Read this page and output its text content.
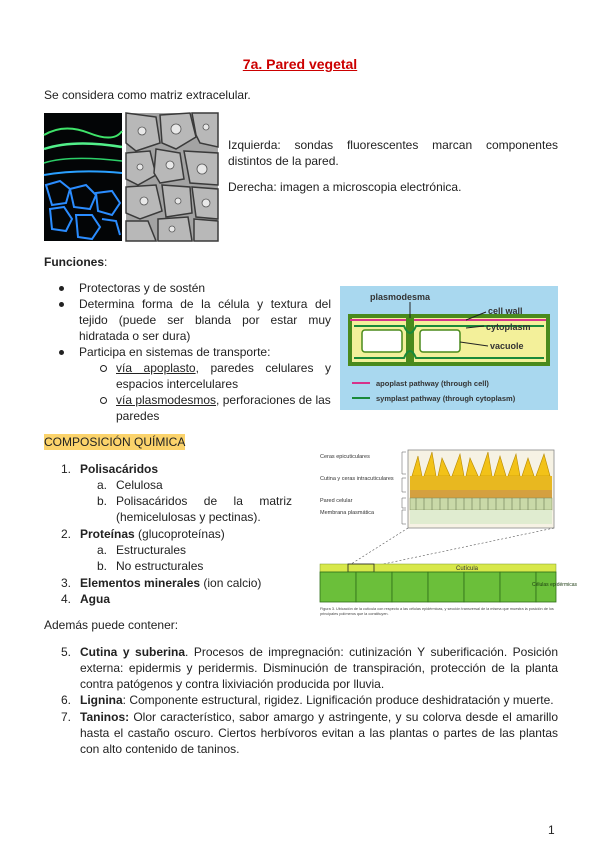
7a. Pared vegetal
Se considera como matriz extracelular.
Izquierda: sondas fluorescentes marcan componentes distintos de la pared.
Derecha: imagen a microscopia electrónica.
Funciones:
Protectoras y de sostén
Determina forma de la célula y textura del tejido (puede ser blanda por estar muy hidratada o ser dura)
Participa en sistemas de transporte:
vía apoplasto, paredes celulares y espacios intercelulares
vía plasmodesmos, perforaciones de las paredes
plasmodesma
cell wall
cytoplasm
vacuole
apoplast pathway (through cell)
symplast pathway (through cytoplasm)
COMPOSICIÓN QUÍMICA
1. Polisacáridos
a. Celulosa
b. Polisacáridos de la matriz (hemicelulosas y pectinas).
2. Proteínas (glucoproteínas)
a. Estructurales
b. No estructurales
3. Elementos minerales (ion calcio)
4. Agua
Ceras epicuticulares
Cutina y ceras intracuticulares
Pared celular
Membrana plasmática
Cutícula
Células epidérmicas
Figura 3. Ubicación de la cutícula con respecto a las células epidérmicas, y sección transversal de la misma que muestra la posición de los principales polímeros que la constituyen.
Además puede contener:
5. Cutina y suberina. Procesos de impregnación: cutinización Y suberificación. Posición externa: epidermis y peridermis. Disminución de transpiración, protección de la planta contra patógenos y contra lixiviación producida por lluvia.
6. Lignina: Componente estructural, rigidez. Lignificación produce deshidratación y muerte.
7. Taninos: Olor característico, sabor amargo y astringente, y su colorva desde el amarillo hasta el castaño oscuro. Ciertos herbívoros evitan a las plantas o partes de las plantas con alto contenido de taninos.
1
